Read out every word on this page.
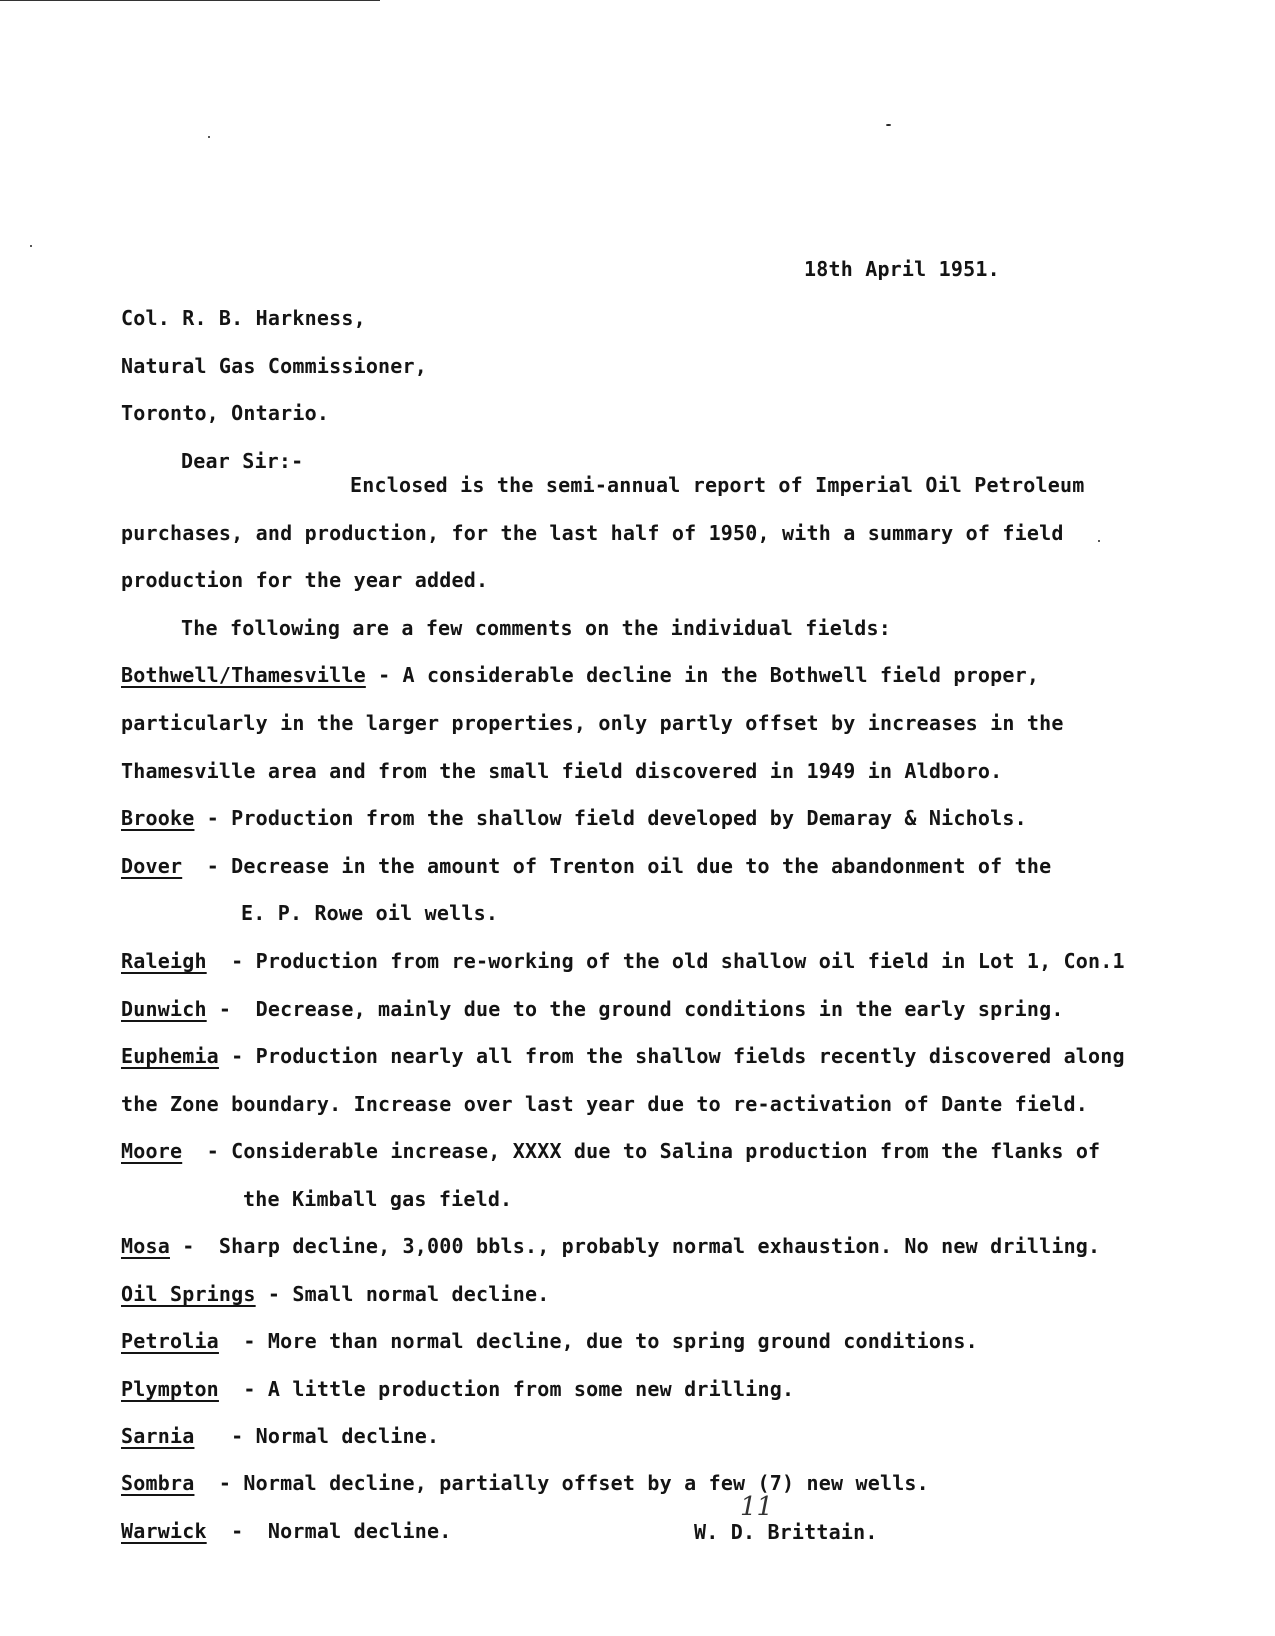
18th April 1951.
Col. R. B. Harkness,
Natural Gas Commissioner,
Toronto, Ontario.
Dear Sir:-
Enclosed is the semi-annual report of Imperial Oil Petroleum
purchases, and production, for the last half of 1950, with a summary of field
production for the year added.
The following are a few comments on the individual fields:
Bothwell/Thamesville - A considerable decline in the Bothwell field proper,
particularly in the larger properties, only partly offset by increases in the
Thamesville area and from the small field discovered in 1949 in Aldboro.
Brooke - Production from the shallow field developed by Demaray & Nichols.
Dover  - Decrease in the amount of Trenton oil due to the abandonment of the
E. P. Rowe oil wells.
Raleigh  - Production from re-working of the old shallow oil field in Lot 1, Con.1
Dunwich -  Decrease, mainly due to the ground conditions in the early spring.
Euphemia - Production nearly all from the shallow fields recently discovered along
the Zone boundary. Increase over last year due to re-activation of Dante field.
Moore  - Considerable increase, XXXX due to Salina production from the flanks of
the Kimball gas field.
Mosa -  Sharp decline, 3,000 bbls., probably normal exhaustion. No new drilling.
Oil Springs - Small normal decline.
Petrolia  - More than normal decline, due to spring ground conditions.
Plympton  - A little production from some new drilling.
Sarnia   - Normal decline.
Sombra  - Normal decline, partially offset by a few (7) new wells.
Warwick  -  Normal decline.
11
W. D. Brittain.
